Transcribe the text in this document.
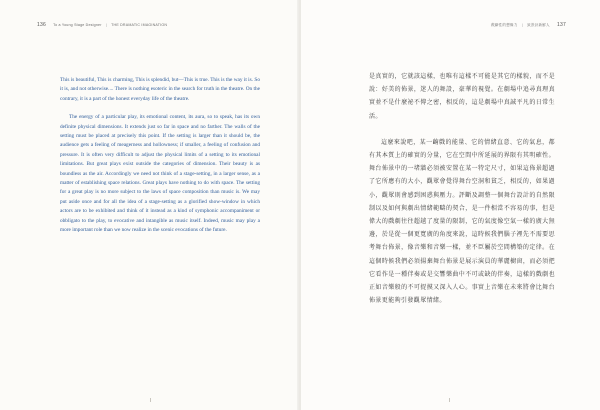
136 To a Young Stage Designer | THE DRAMATIC IMAGINATION

This is beautiful, This is charming, This is splendid, but—This is true. This is the way it is. So it is, and not otherwise.... There is nothing esoteric in the search for truth in the theatre. On the contrary, it is a part of the honest everyday life of the theatre.

The energy of a particular play, its emotional content, its aura, so to speak, has its own definite physical dimensions. It extends just so far in space and no farther. The walls of the setting must be placed at precisely this point. If the setting is larger than it should be, the audience gets a feeling of meagerness and hollowness; if smaller, a feeling of confusion and pressure. It is often very difficult to adjust the physical limits of a setting to its emotional limitations. But great plays exist outside the categories of dimension. Their beauty is as boundless as the air. Accordingly we need not think of a stage-setting, in a larger sense, as a matter of establishing space relations. Great plays have nothing to do with space. The setting for a great play is no more subject to the laws of space composition than music is. We may put aside once and for all the idea of a stage-setting as a glorified show-window in which actors are to be exhibited and think of it instead as a kind of symphonic accompaniment or obbligato to the play, to evocative and intangible as music itself. Indeed, music may play a more important role than we now realize in the scenic evocations of the future.

戲劇性的想像力 | 致設計新鮮人 137

是真實的，它就該這樣，也唯有這樣不可能是其它的樣貌，而不是說：好美的佈景，迷人的舞設，豪華的視覺。在劇場中追尋真理真實並不是什麼祕不傳之密，相反的，這是劇場中真誠平凡的日常生活。

這麼來說吧，某一齣戲的能量、它的情緒直意、它的氣息，都有其本質上的確實的分量，它在空間中所延展的界限有其明確性。舞台佈景中的一堵牆必須被安置在某一特定尺寸，如果這佈景超過了它所應有的大小，觀眾會覺得舞台空洞和貧乏，相反的，如果過小，觀眾則會感到困惑與壓力。評斷及調整一個舞台設計的自然限制以及如何與劇出情緒範疇的契合，是一件相當不容易的事，但是偉大的戲劇往往超越了度量的限制，它的氣度像空氣一樣的廣大無邊，於是從一個更寬廣的角度來說，這時候我們腦子裡先不需要思考舞台佈景，像音樂和音樂一樣，並不臣屬於空間構築的定律。在這個時候我們必須揚棄舞台佈景是展示演員的華麗櫥窗，而必須把它看作是一種伴奏或是交響樂曲中不可或缺的伴奏，這樣的戲劇也正如音樂般的不可捉摸又深入人心。事實上音樂在未來將會比舞台佈景更能夠引發觀眾情緒。
